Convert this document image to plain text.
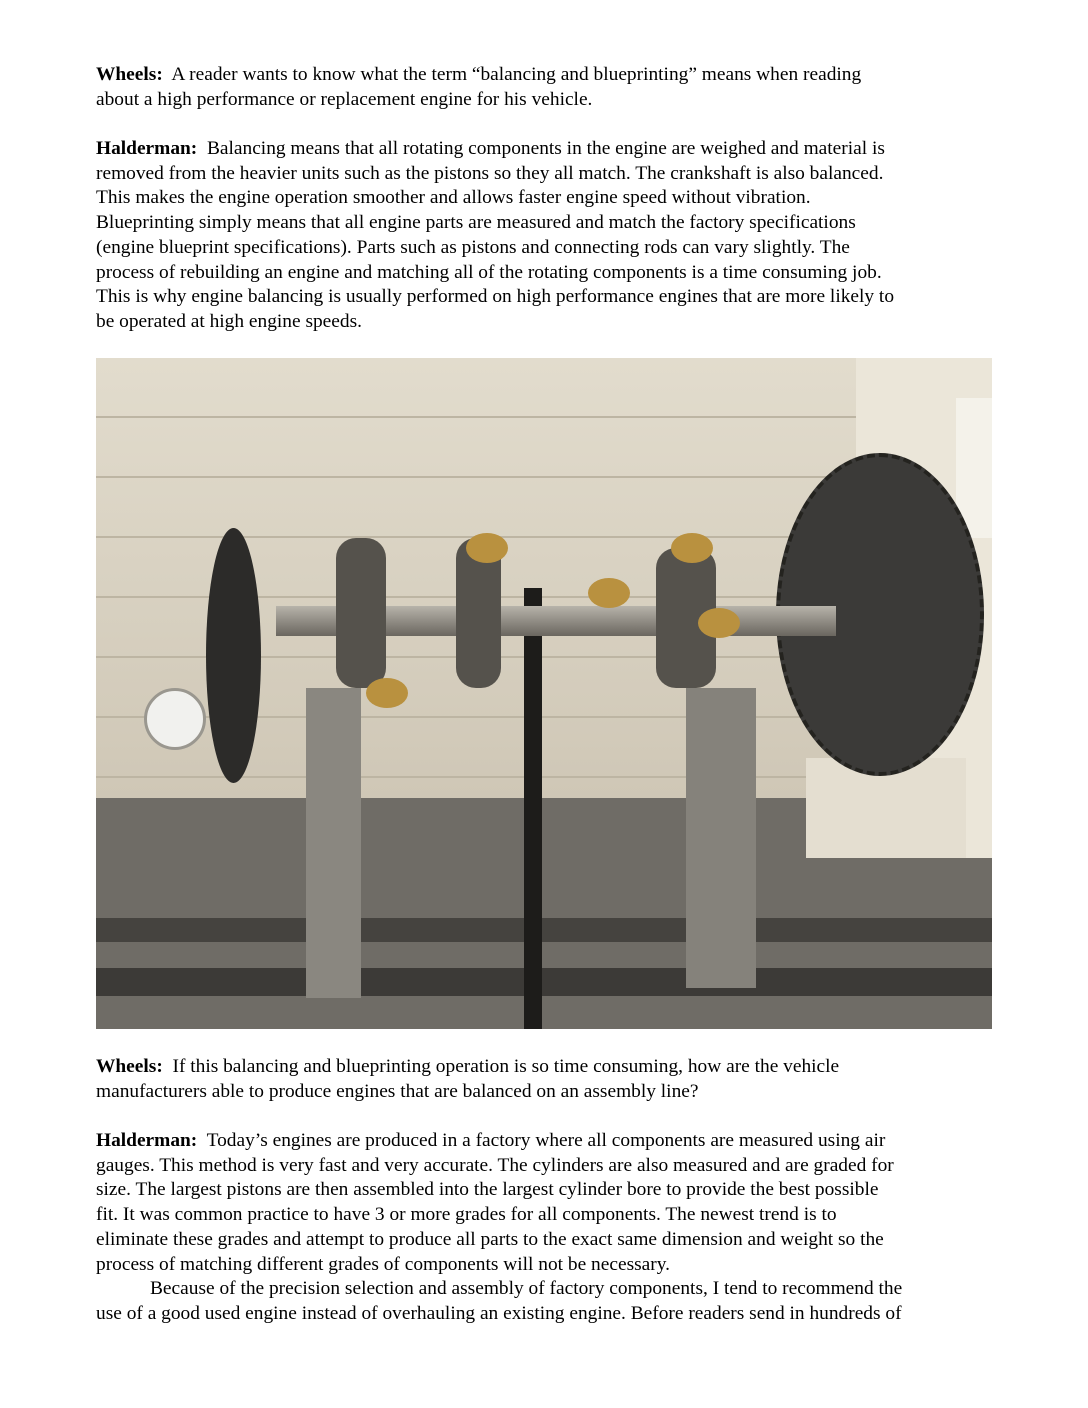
Wheels: A reader wants to know what the term “balancing and blueprinting” means when reading
about a high performance or replacement engine for his vehicle.
Halderman: Balancing means that all rotating components in the engine are weighed and material is
removed from the heavier units such as the pistons so they all match. The crankshaft is also balanced.
This makes the engine operation smoother and allows faster engine speed without vibration.
Blueprinting simply means that all engine parts are measured and match the factory specifications
(engine blueprint specifications). Parts such as pistons and connecting rods can vary slightly. The
process of rebuilding an engine and matching all of the rotating components is a time consuming job.
This is why engine balancing is usually performed on high performance engines that are more likely to
be operated at high engine speeds.
Wheels: If this balancing and blueprinting operation is so time consuming, how are the vehicle
manufacturers able to produce engines that are balanced on an assembly line?
Halderman: Today’s engines are produced in a factory where all components are measured using air
gauges. This method is very fast and very accurate. The cylinders are also measured and are graded for
size. The largest pistons are then assembled into the largest cylinder bore to provide the best possible
fit. It was common practice to have 3 or more grades for all components. The newest trend is to
eliminate these grades and attempt to produce all parts to the exact same dimension and weight so the
process of matching different grades of components will not be necessary.
Because of the precision selection and assembly of factory components, I tend to recommend the
use of a good used engine instead of overhauling an existing engine. Before readers send in hundreds of
